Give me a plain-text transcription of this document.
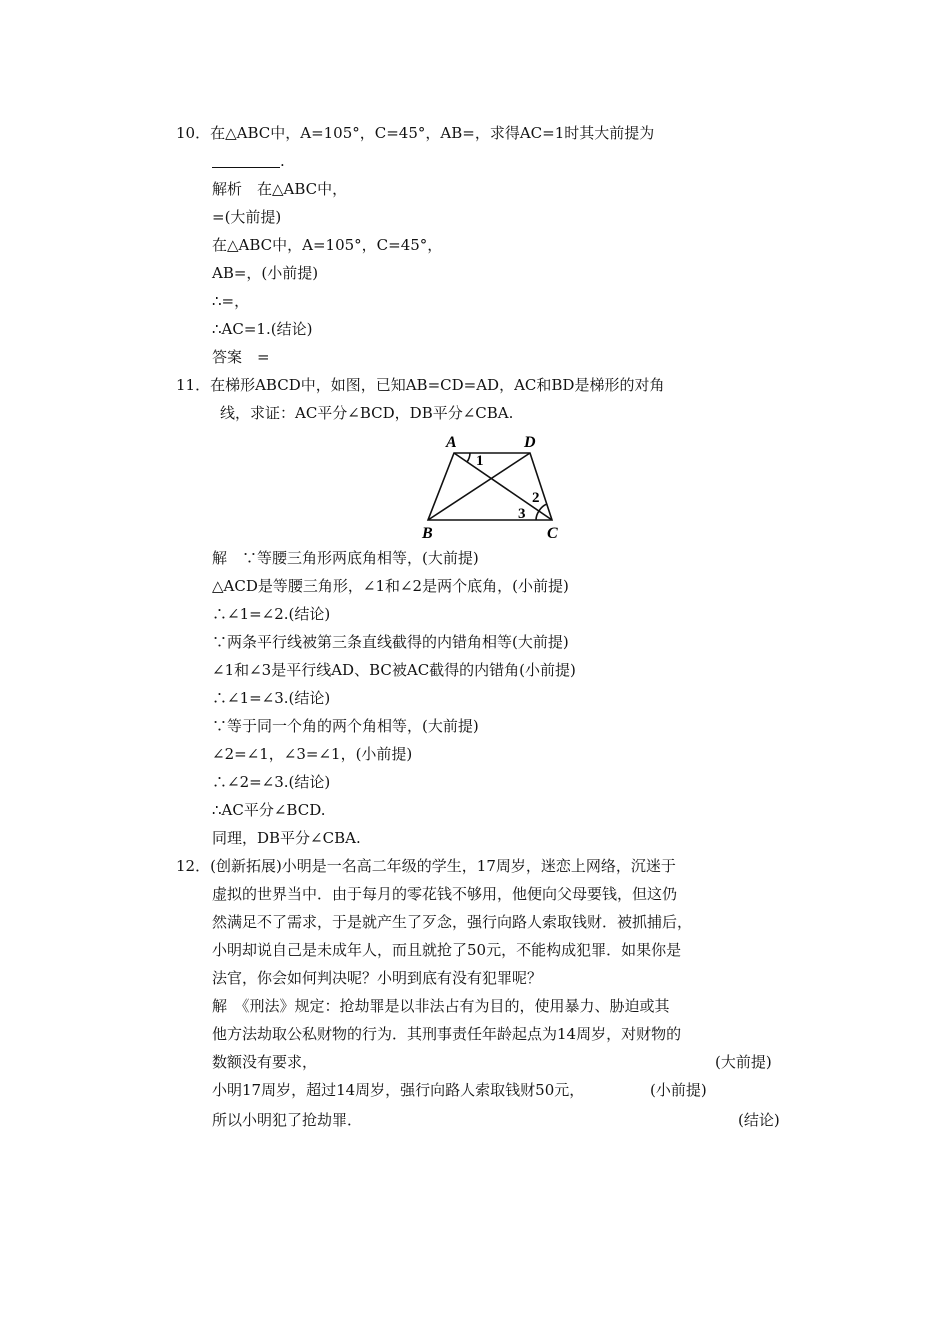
10．在△ABC中，A=105°，C=45°，AB=，求得AC=1时其大前提为
.
解析　在△ABC中，
=(大前提)
在△ABC中，A=105°，C=45°，
AB=，(小前提)
∴=，
∴AC=1.(结论)
答案　=
11．在梯形ABCD中，如图，已知AB=CD=AD，AC和BD是梯形的对角
线，求证：AC平分∠BCD，DB平分∠CBA.
A	D
B	C
1
2
3
解　∵等腰三角形两底角相等，(大前提)
△ACD是等腰三角形，∠1和∠2是两个底角，(小前提)
∴∠1=∠2.(结论)
∵两条平行线被第三条直线截得的内错角相等(大前提)
∠1和∠3是平行线AD、BC被AC截得的内错角(小前提)
∴∠1=∠3.(结论)
∵等于同一个角的两个角相等，(大前提)
∠2=∠1，∠3=∠1，(小前提)
∴∠2=∠3.(结论)
∴AC平分∠BCD.
同理，DB平分∠CBA.
12．(创新拓展)小明是一名高二年级的学生，17周岁，迷恋上网络，沉迷于
虚拟的世界当中．由于每月的零花钱不够用，他便向父母要钱，但这仍
然满足不了需求，于是就产生了歹念，强行向路人索取钱财．被抓捕后，
小明却说自己是未成年人，而且就抢了50元，不能构成犯罪．如果你是
法官，你会如何判决呢？小明到底有没有犯罪呢？
解　《刑法》规定：抢劫罪是以非法占有为目的，使用暴力、胁迫或其
他方法劫取公私财物的行为．其刑事责任年龄起点为14周岁，对财物的
数额没有要求，	(大前提)
小明17周岁，超过14周岁，强行向路人索取钱财50元，	(小前提)
所以小明犯了抢劫罪．	(结论)
